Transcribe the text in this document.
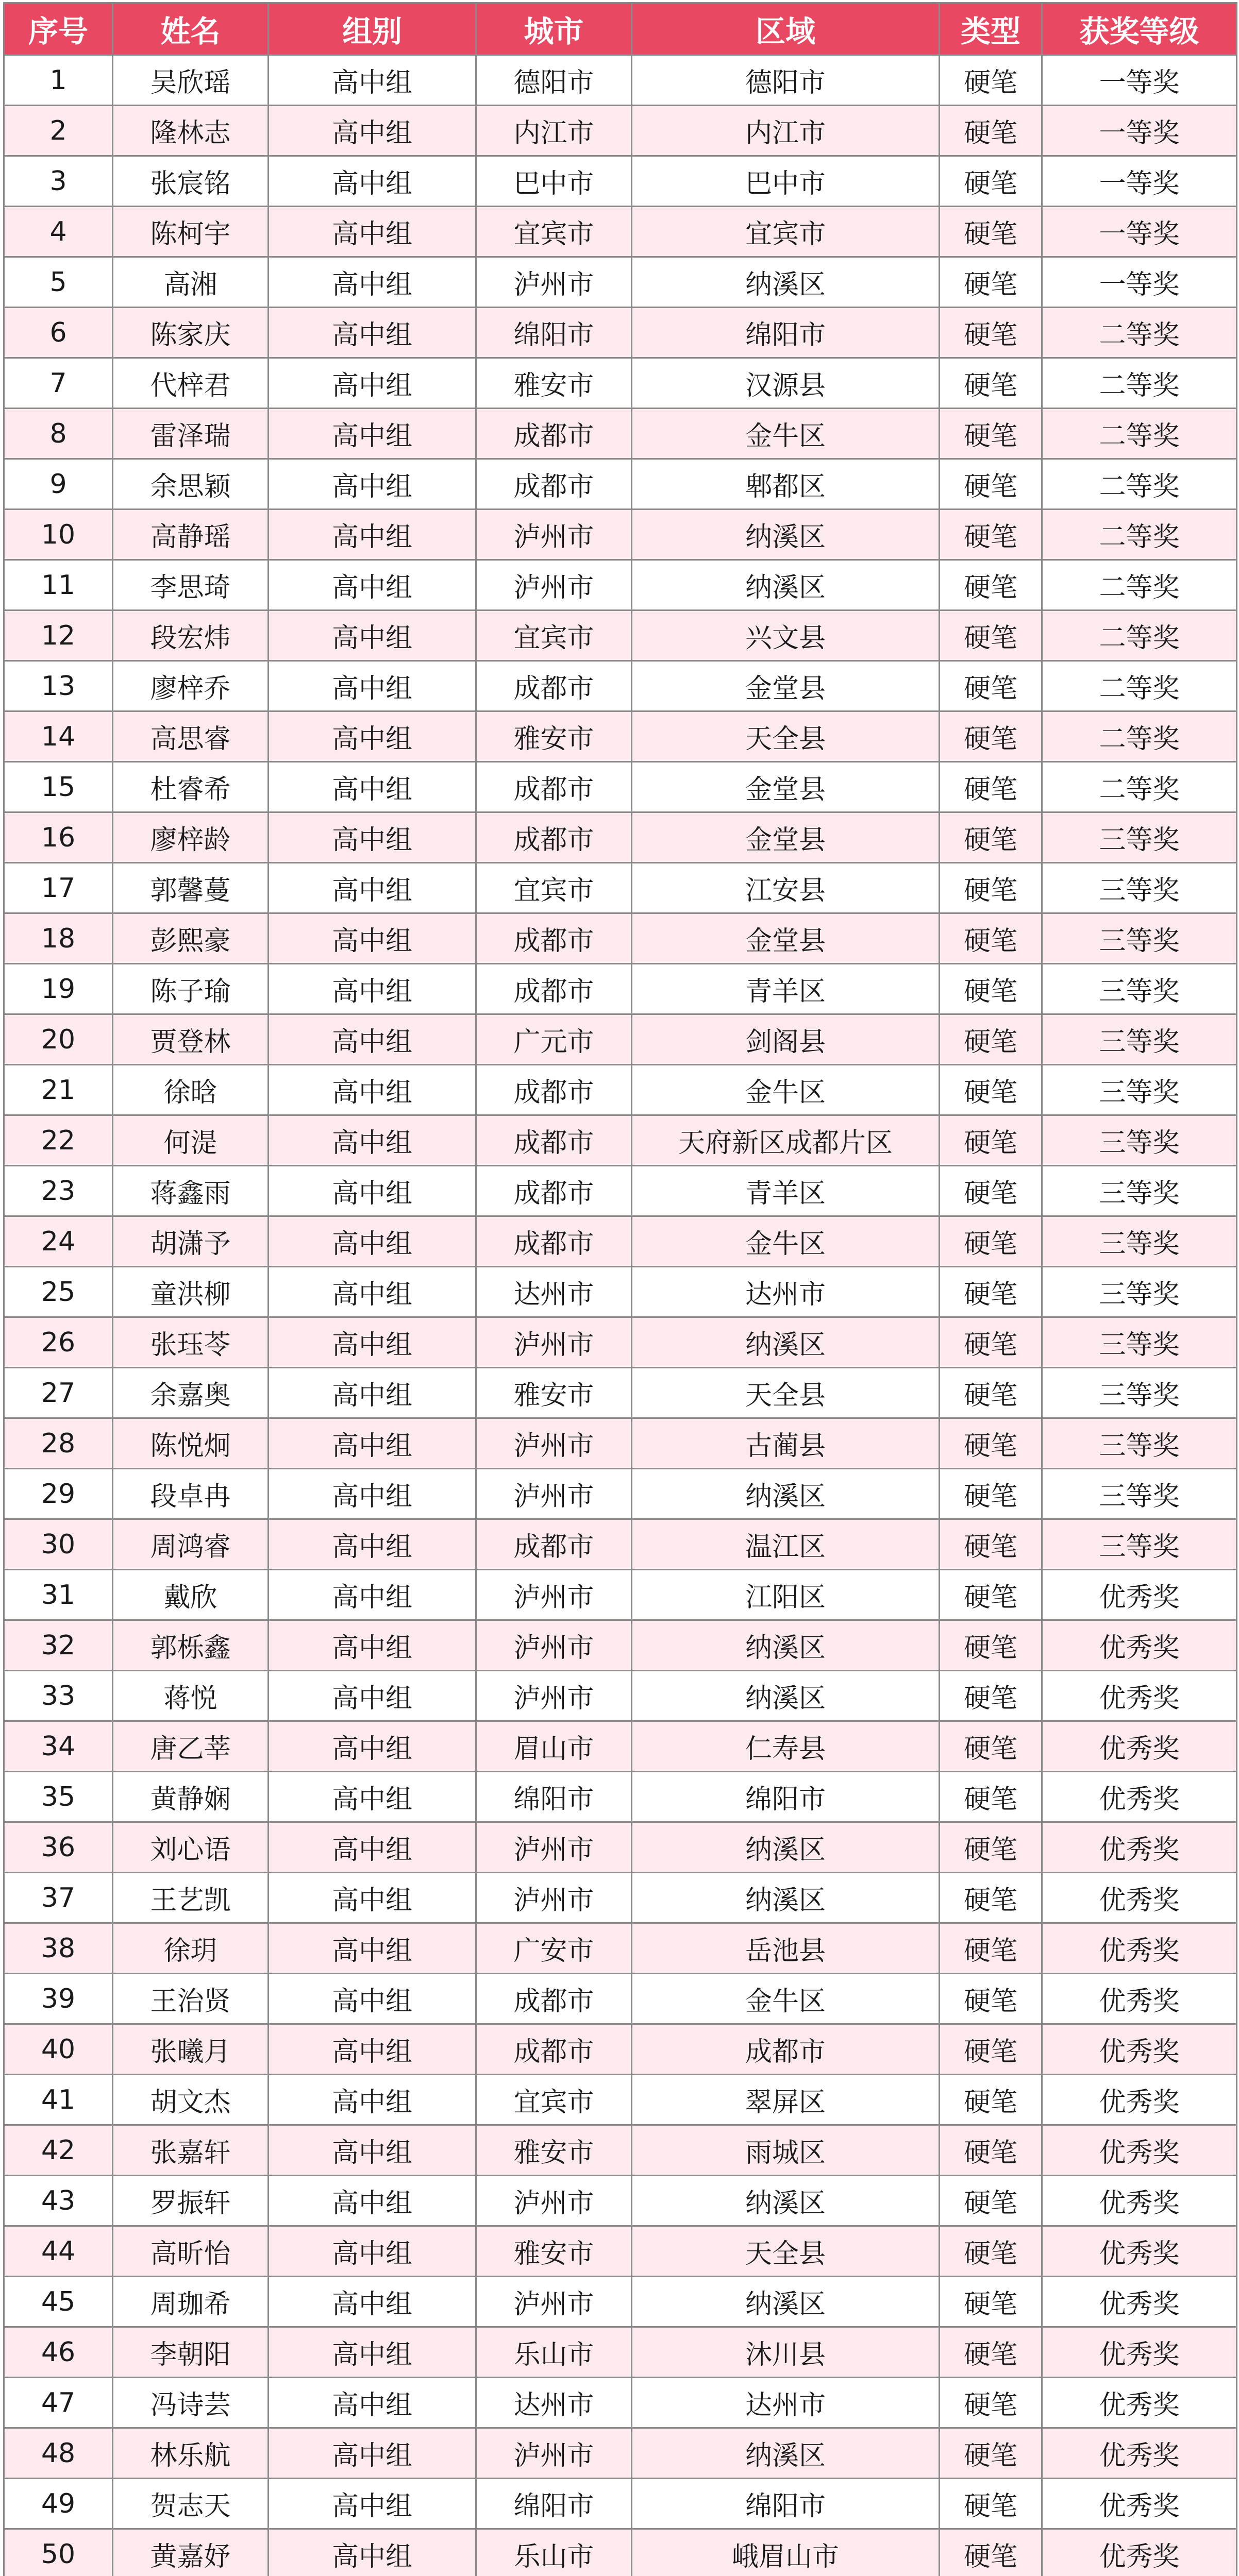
序号	姓名	组别	城市	区域	类型	获奖等级
1	吴欣瑶	高中组	德阳市	德阳市	硬笔	一等奖
2	隆林志	高中组	内江市	内江市	硬笔	一等奖
3	张宸铭	高中组	巴中市	巴中市	硬笔	一等奖
4	陈柯宇	高中组	宜宾市	宜宾市	硬笔	一等奖
5	高湘	高中组	泸州市	纳溪区	硬笔	一等奖
6	陈家庆	高中组	绵阳市	绵阳市	硬笔	二等奖
7	代梓君	高中组	雅安市	汉源县	硬笔	二等奖
8	雷泽瑞	高中组	成都市	金牛区	硬笔	二等奖
9	余思颖	高中组	成都市	郫都区	硬笔	二等奖
10	高静瑶	高中组	泸州市	纳溪区	硬笔	二等奖
11	李思琦	高中组	泸州市	纳溪区	硬笔	二等奖
12	段宏炜	高中组	宜宾市	兴文县	硬笔	二等奖
13	廖梓乔	高中组	成都市	金堂县	硬笔	二等奖
14	高思睿	高中组	雅安市	天全县	硬笔	二等奖
15	杜睿希	高中组	成都市	金堂县	硬笔	二等奖
16	廖梓龄	高中组	成都市	金堂县	硬笔	三等奖
17	郭馨蔓	高中组	宜宾市	江安县	硬笔	三等奖
18	彭熙豪	高中组	成都市	金堂县	硬笔	三等奖
19	陈子瑜	高中组	成都市	青羊区	硬笔	三等奖
20	贾登林	高中组	广元市	剑阁县	硬笔	三等奖
21	徐晗	高中组	成都市	金牛区	硬笔	三等奖
22	何湜	高中组	成都市	天府新区成都片区	硬笔	三等奖
23	蒋鑫雨	高中组	成都市	青羊区	硬笔	三等奖
24	胡潇予	高中组	成都市	金牛区	硬笔	三等奖
25	童洪柳	高中组	达州市	达州市	硬笔	三等奖
26	张珏苓	高中组	泸州市	纳溪区	硬笔	三等奖
27	余嘉奥	高中组	雅安市	天全县	硬笔	三等奖
28	陈悦炯	高中组	泸州市	古蔺县	硬笔	三等奖
29	段卓冉	高中组	泸州市	纳溪区	硬笔	三等奖
30	周鸿睿	高中组	成都市	温江区	硬笔	三等奖
31	戴欣	高中组	泸州市	江阳区	硬笔	优秀奖
32	郭栎鑫	高中组	泸州市	纳溪区	硬笔	优秀奖
33	蒋悦	高中组	泸州市	纳溪区	硬笔	优秀奖
34	唐乙莘	高中组	眉山市	仁寿县	硬笔	优秀奖
35	黄静娴	高中组	绵阳市	绵阳市	硬笔	优秀奖
36	刘心语	高中组	泸州市	纳溪区	硬笔	优秀奖
37	王艺凯	高中组	泸州市	纳溪区	硬笔	优秀奖
38	徐玥	高中组	广安市	岳池县	硬笔	优秀奖
39	王治贤	高中组	成都市	金牛区	硬笔	优秀奖
40	张曦月	高中组	成都市	成都市	硬笔	优秀奖
41	胡文杰	高中组	宜宾市	翠屏区	硬笔	优秀奖
42	张嘉轩	高中组	雅安市	雨城区	硬笔	优秀奖
43	罗振轩	高中组	泸州市	纳溪区	硬笔	优秀奖
44	高昕怡	高中组	雅安市	天全县	硬笔	优秀奖
45	周珈希	高中组	泸州市	纳溪区	硬笔	优秀奖
46	李朝阳	高中组	乐山市	沐川县	硬笔	优秀奖
47	冯诗芸	高中组	达州市	达州市	硬笔	优秀奖
48	林乐航	高中组	泸州市	纳溪区	硬笔	优秀奖
49	贺志天	高中组	绵阳市	绵阳市	硬笔	优秀奖
50	黄嘉妤	高中组	乐山市	峨眉山市	硬笔	优秀奖
